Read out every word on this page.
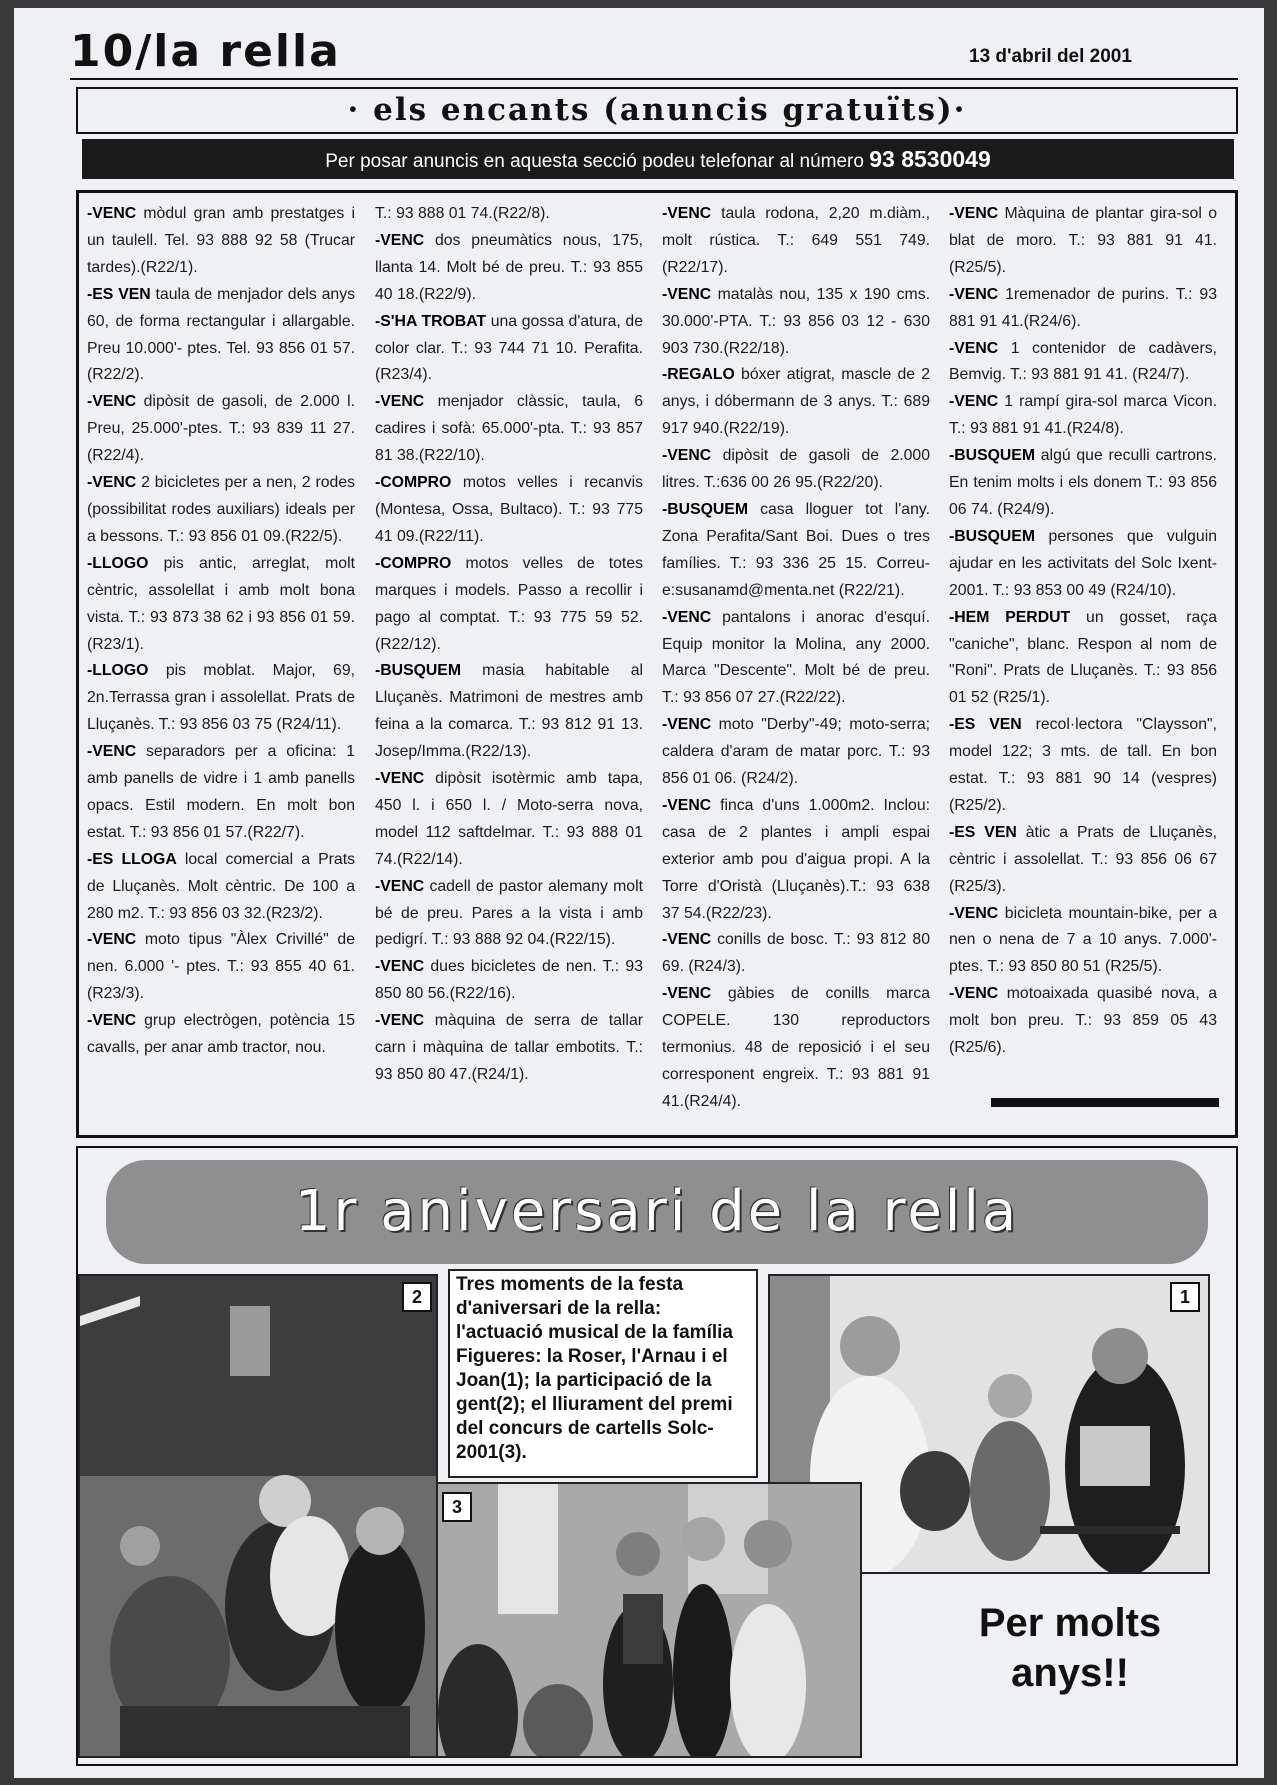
10/la rella	13 d'abril del 2001
· els encants (anuncis gratuïts)·
Per posar anuncis en aquesta secció podeu telefonar al número 93 8530049

-VENC mòdul gran amb prestatges i un taulell. Tel. 93 888 92 58 (Trucar tardes).(R22/1).

-ES VEN taula de menjador dels anys 60, de forma rectangular i allargable. Preu 10.000'- ptes. Tel. 93 856 01 57.(R22/2).

-VENC dipòsit de gasoli, de 2.000 l. Preu, 25.000'-ptes. T.: 93 839 11 27. (R22/4).

-VENC 2 bicicletes per a nen, 2 rodes (possibilitat rodes auxiliars) ideals per a bessons. T.: 93 856 01 09.(R22/5).

-LLOGO pis antic, arreglat, molt cèntric, assolellat i amb molt bona vista. T.: 93 873 38 62 i 93 856 01 59.(R23/1).

-LLOGO pis moblat. Major, 69, 2n.Terrassa gran i assolellat. Prats de Lluçanès. T.: 93 856 03 75 (R24/11).

-VENC separadors per a oficina: 1 amb panells de vidre i 1 amb panells opacs. Estil modern. En molt bon estat. T.: 93 856 01 57.(R22/7).

-ES LLOGA local comercial a Prats de Lluçanès. Molt cèntric. De 100 a 280 m2. T.: 93 856 03 32.(R23/2).

-VENC moto tipus "Àlex Crivillé" de nen. 6.000 '- ptes. T.: 93 855 40 61.(R23/3).

-VENC grup electrògen, potència 15 cavalls, per anar amb tractor, nou.

T.: 93 888 01 74.(R22/8).

-VENC dos pneumàtics nous, 175, llanta 14. Molt bé de preu. T.: 93 855 40 18.(R22/9).

-S'HA TROBAT una gossa d'atura, de color clar. T.: 93 744 71 10. Perafita.(R23/4).

-VENC menjador clàssic, taula, 6 cadires i sofà: 65.000'-pta. T.: 93 857 81 38.(R22/10).

-COMPRO motos velles i recanvis (Montesa, Ossa, Bultaco). T.: 93 775 41 09.(R22/11).

-COMPRO motos velles de totes marques i models. Passo a recollir i pago al comptat. T.: 93 775 59 52.(R22/12).

-BUSQUEM masia habitable al Lluçanès. Matrimoni de mestres amb feina a la comarca. T.: 93 812 91 13. Josep/Imma.(R22/13).

-VENC dipòsit isotèrmic amb tapa, 450 l. i 650 l. / Moto-serra nova, model 112 saftdelmar. T.: 93 888 01 74.(R22/14).

-VENC cadell de pastor alemany molt bé de preu. Pares a la vista i amb pedigrí. T.: 93 888 92 04.(R22/15).

-VENC dues bicicletes de nen. T.: 93 850 80 56.(R22/16).

-VENC màquina de serra de tallar carn i màquina de tallar embotits. T.: 93 850 80 47.(R24/1).

-VENC taula rodona, 2,20 m.diàm., molt rústica. T.: 649 551 749.(R22/17).

-VENC matalàs nou, 135 x 190 cms. 30.000'-PTA. T.: 93 856 03 12 - 630 903 730.(R22/18).

-REGALO bóxer atigrat, mascle de 2 anys, i dóbermann de 3 anys. T.: 689 917 940.(R22/19).

-VENC dipòsit de gasoli de 2.000 litres. T.:636 00 26 95.(R22/20).

-BUSQUEM casa lloguer tot l'any. Zona Perafita/Sant Boi. Dues o tres famílies. T.: 93 336 25 15. Correu-e:susanamd@menta.net (R22/21).

-VENC pantalons i anorac d'esquí. Equip monitor la Molina, any 2000. Marca "Descente". Molt bé de preu. T.: 93 856 07 27.(R22/22).

-VENC moto "Derby"-49; moto-serra; caldera d'aram de matar porc. T.: 93 856 01 06. (R24/2).

-VENC finca d'uns 1.000m2. Inclou: casa de 2 plantes i ampli espai exterior amb pou d'aigua propi. A la Torre d'Oristà (Lluçanès).T.: 93 638 37 54.(R22/23).

-VENC conills de bosc. T.: 93 812 80 69. (R24/3).

-VENC gàbies de conills marca COPELE. 130 reproductors termonius. 48 de reposició i el seu corresponent engreix. T.: 93 881 91 41.(R24/4).

-VENC Màquina de plantar gira-sol o blat de moro. T.: 93 881 91 41.(R25/5).

-VENC 1remenador de purins. T.: 93 881 91 41.(R24/6).

-VENC 1 contenidor de cadàvers, Bemvig. T.: 93 881 91 41. (R24/7).

-VENC 1 rampí gira-sol marca Vicon. T.: 93 881 91 41.(R24/8).

-BUSQUEM algú que reculli cartrons. En tenim molts i els donem T.: 93 856 06 74. (R24/9).

-BUSQUEM persones que vulguin ajudar en les activitats del Solc Ixent-2001. T.: 93 853 00 49 (R24/10).

-HEM PERDUT un gosset, raça "caniche", blanc. Respon al nom de "Roni". Prats de Lluçanès. T.: 93 856 01 52 (R25/1).

-ES VEN recol·lectora "Claysson", model 122; 3 mts. de tall. En bon estat. T.: 93 881 90 14 (vespres) (R25/2).

-ES VEN àtic a Prats de Lluçanès, cèntric i assolellat. T.: 93 856 06 67 (R25/3).

-VENC bicicleta mountain-bike, per a nen o nena de 7 a 10 anys. 7.000'- ptes. T.: 93 850 80 51 (R25/5).

-VENC motoaixada quasibé nova, a molt bon preu. T.: 93 859 05 43 (R25/6).

1r aniversari de la rella
2
Tres moments de la festa d'aniversari de la rella: l'actuació musical de la família Figueres: la Roser, l'Arnau i el Joan(1); la participació de la gent(2); el lliurament del premi del concurs de cartells Solc-2001(3).
1
3
Per molts anys!!
